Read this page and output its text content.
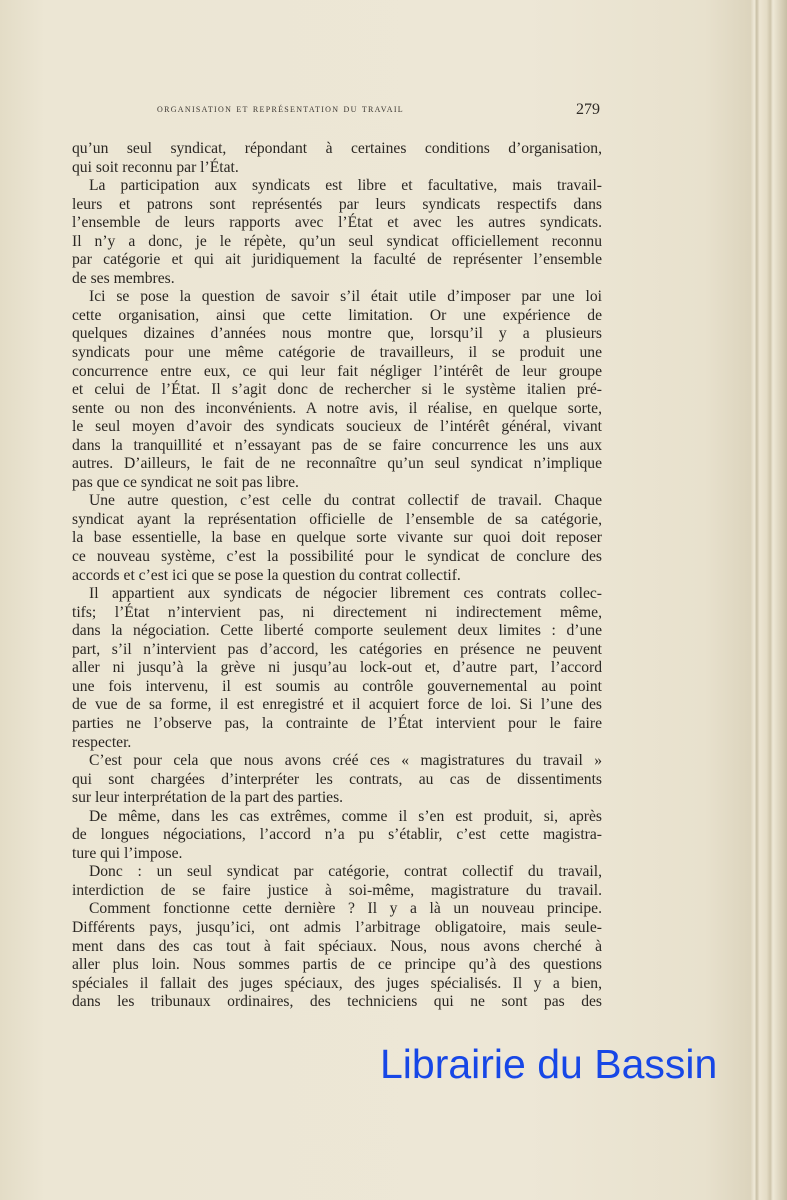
organisation et représentation du travail	279
qu’un seul syndicat, répondant à certaines conditions d’organisation,
qui soit reconnu par l’État.
La participation aux syndicats est libre et facultative, mais travail-
leurs et patrons sont représentés par leurs syndicats respectifs dans
l’ensemble de leurs rapports avec l’État et avec les autres syndicats.
Il n’y a donc, je le répète, qu’un seul syndicat officiellement reconnu
par catégorie et qui ait juridiquement la faculté de représenter l’ensemble
de ses membres.
Ici se pose la question de savoir s’il était utile d’imposer par une loi
cette organisation, ainsi que cette limitation. Or une expérience de
quelques dizaines d’années nous montre que, lorsqu’il y a plusieurs
syndicats pour une même catégorie de travailleurs, il se produit une
concurrence entre eux, ce qui leur fait négliger l’intérêt de leur groupe
et celui de l’État. Il s’agit donc de rechercher si le système italien pré-
sente ou non des inconvénients. A notre avis, il réalise, en quelque sorte,
le seul moyen d’avoir des syndicats soucieux de l’intérêt général, vivant
dans la tranquillité et n’essayant pas de se faire concurrence les uns aux
autres. D’ailleurs, le fait de ne reconnaître qu’un seul syndicat n’implique
pas que ce syndicat ne soit pas libre.
Une autre question, c’est celle du contrat collectif de travail. Chaque
syndicat ayant la représentation officielle de l’ensemble de sa catégorie,
la base essentielle, la base en quelque sorte vivante sur quoi doit reposer
ce nouveau système, c’est la possibilité pour le syndicat de conclure des
accords et c’est ici que se pose la question du contrat collectif.
Il appartient aux syndicats de négocier librement ces contrats collec-
tifs; l’État n’intervient pas, ni directement ni indirectement même,
dans la négociation. Cette liberté comporte seulement deux limites : d’une
part, s’il n’intervient pas d’accord, les catégories en présence ne peuvent
aller ni jusqu’à la grève ni jusqu’au lock-out et, d’autre part, l’accord
une fois intervenu, il est soumis au contrôle gouvernemental au point
de vue de sa forme, il est enregistré et il acquiert force de loi. Si l’une des
parties ne l’observe pas, la contrainte de l’État intervient pour le faire
respecter.
C’est pour cela que nous avons créé ces « magistratures du travail »
qui sont chargées d’interpréter les contrats, au cas de dissentiments
sur leur interprétation de la part des parties.
De même, dans les cas extrêmes, comme il s’en est produit, si, après
de longues négociations, l’accord n’a pu s’établir, c’est cette magistra-
ture qui l’impose.
Donc : un seul syndicat par catégorie, contrat collectif du travail,
interdiction de se faire justice à soi-même, magistrature du travail.
Comment fonctionne cette dernière ? Il y a là un nouveau principe.
Différents pays, jusqu’ici, ont admis l’arbitrage obligatoire, mais seule-
ment dans des cas tout à fait spéciaux. Nous, nous avons cherché à
aller plus loin. Nous sommes partis de ce principe qu’à des questions
spéciales il fallait des juges spéciaux, des juges spécialisés. Il y a bien,
dans les tribunaux ordinaires, des techniciens qui ne sont pas des
Librairie du Bassin
